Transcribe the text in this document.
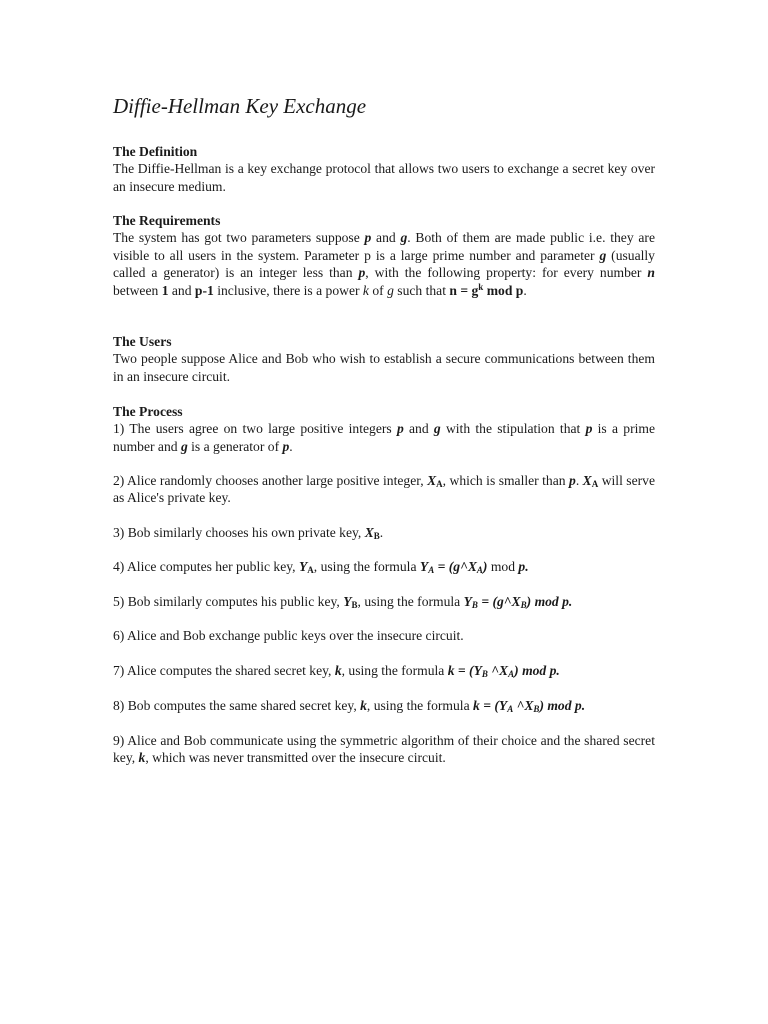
Diffie-Hellman Key Exchange

The Definition

The Diffie-Hellman is a key exchange protocol that allows two users to exchange a secret key over an insecure medium.

The Requirements

The system has got two parameters suppose p and g. Both of them are made public i.e. they are visible to all users in the system. Parameter p is a large prime number and parameter g (usually called a generator) is an integer less than p, with the following property: for every number n between 1 and p-1 inclusive, there is a power k of g such that $n = g^k$ mod p.

The Users

Two people suppose Alice and Bob who wish to establish a secure communications between them in an insecure circuit.

The Process

1) The users agree on two large positive integers p and g with the stipulation that p is a prime number and g is a generator of p.

2) Alice randomly chooses another large positive integer, $X_A$, which is smaller than p. $X_A$ will serve as Alice's private key.

3) Bob similarly chooses his own private key, $X_B$.

4) Alice computes her public key, $Y_A$, using the formula $Y_A$ = $(g\^{}X_A)$ mod p.

5) Bob similarly computes his public key, $Y_B$, using the formula $Y_B$ = $(g\^{}X_B)$ mod p.

6) Alice and Bob exchange public keys over the insecure circuit.

7) Alice computes the shared secret key, k, using the formula $k = (Y_B$ $\^{}X_A$) mod p.

8) Bob computes the same shared secret key, k, using the formula $k = (Y_A$ $\^{}X_B$) mod p.

9) Alice and Bob communicate using the symmetric algorithm of their choice and the shared secret key, k, which was never transmitted over the insecure circuit.
